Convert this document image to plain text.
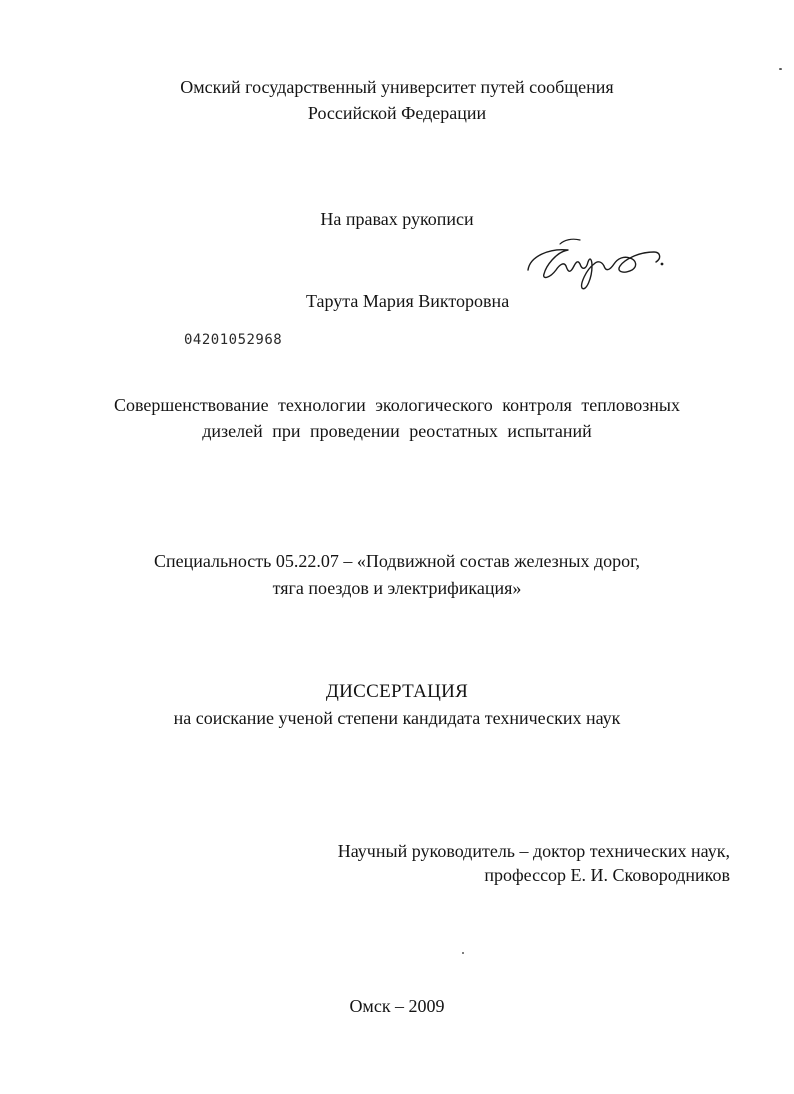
Омский государственный университет путей сообщения
Российской Федерации
На правах рукописи
Тарута Мария Викторовна
04201052968
Совершенствование технологии экологического контроля тепловозных
дизелей при проведении реостатных испытаний
Специальность 05.22.07 – «Подвижной состав железных дорог,
тяга поездов и электрификация»
ДИССЕРТАЦИЯ
на соискание ученой степени кандидата технических наук
Научный руководитель – доктор технических наук,
профессор Е. И. Сковородников
Омск – 2009
